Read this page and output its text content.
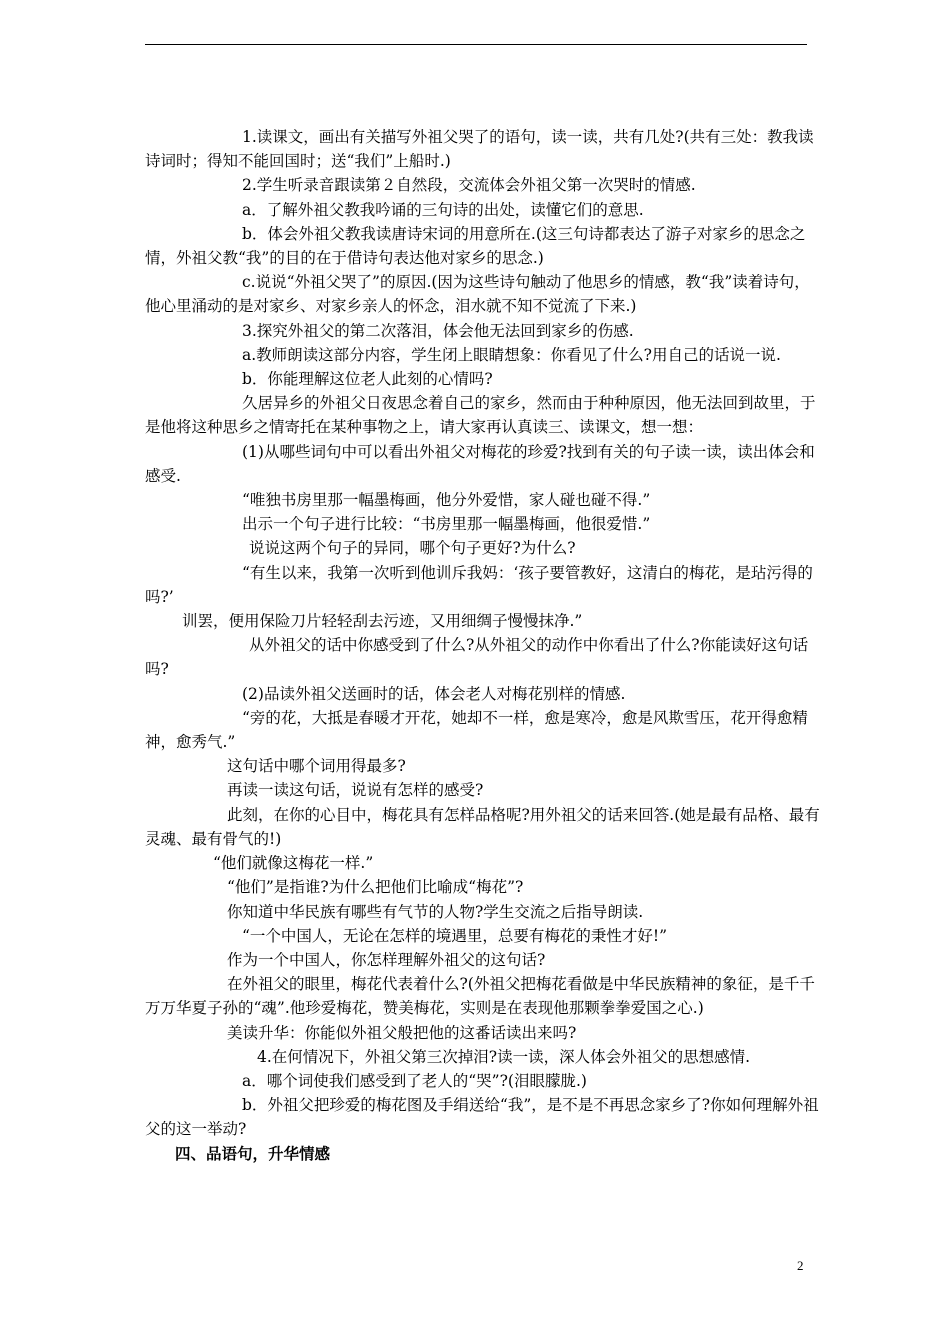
1.读课文，画出有关描写外祖父哭了的语句，读一读，共有几处?(共有三处：教我读诗词时；得知不能回国时；送“我们”上船时.)

2.学生听录音跟读第２自然段，交流体会外祖父第一次哭时的情感.

a．了解外祖父教我吟诵的三句诗的出处，读懂它们的意思.

b．体会外祖父教我读唐诗宋词的用意所在.(这三句诗都表达了游子对家乡的思念之情，外祖父教“我”的目的在于借诗句表达他对家乡的思念.)

c.说说“外祖父哭了”的原因.(因为这些诗句触动了他思乡的情感，教“我”读着诗句，他心里涌动的是对家乡、对家乡亲人的怀念，泪水就不知不觉流了下来.)

3.探究外祖父的第二次落泪，体会他无法回到家乡的伤感.

a.教师朗读这部分内容，学生闭上眼睛想象：你看见了什么?用自己的话说一说.

b．你能理解这位老人此刻的心情吗?

久居异乡的外祖父日夜思念着自己的家乡，然而由于种种原因，他无法回到故里，于是他将这种思乡之情寄托在某种事物之上，请大家再认真读三、读课文，想一想：

(1)从哪些词句中可以看出外祖父对梅花的珍爱?找到有关的句子读一读，读出体会和感受.

“唯独书房里那一幅墨梅画，他分外爱惜，家人碰也碰不得.”

出示一个句子进行比较：“书房里那一幅墨梅画，他很爱惜.”

说说这两个句子的异同，哪个句子更好?为什么?

“有生以来，我第一次听到他训斥我妈：‘孩子要管教好，这清白的梅花，是玷污得的吗?’

训罢，便用保险刀片轻轻刮去污迹，又用细绸子慢慢抹净.”

从外祖父的话中你感受到了什么?从外祖父的动作中你看出了什么?你能读好这句话吗?

(2)品读外祖父送画时的话，体会老人对梅花别样的情感.

“旁的花，大抵是春暖才开花，她却不一样，愈是寒冷，愈是风欺雪压，花开得愈精神，愈秀气.”

这句话中哪个词用得最多?

再读一读这句话，说说有怎样的感受?

此刻，在你的心目中，梅花具有怎样品格呢?用外祖父的话来回答.(她是最有品格、最有灵魂、最有骨气的!)

“他们就像这梅花一样.”

“他们”是指谁?为什么把他们比喻成“梅花”?

你知道中华民族有哪些有气节的人物?学生交流之后指导朗读.

“一个中国人，无论在怎样的境遇里，总要有梅花的秉性才好!”

作为一个中国人，你怎样理解外祖父的这句话?

在外祖父的眼里，梅花代表着什么?(外祖父把梅花看做是中华民族精神的象征，是千千万万华夏子孙的“魂”.他珍爱梅花，赞美梅花，实则是在表现他那颗拳拳爱国之心.)

美读升华：你能似外祖父般把他的这番话读出来吗?

4.在何情况下，外祖父第三次掉泪?读一读，深人体会外祖父的思想感情.

a．哪个词使我们感受到了老人的“哭”?(泪眼朦胧.)

b．外祖父把珍爱的梅花图及手绢送给“我”，是不是不再思念家乡了?你如何理解外祖父的这一举动?

四、品语句，升华情感

2
